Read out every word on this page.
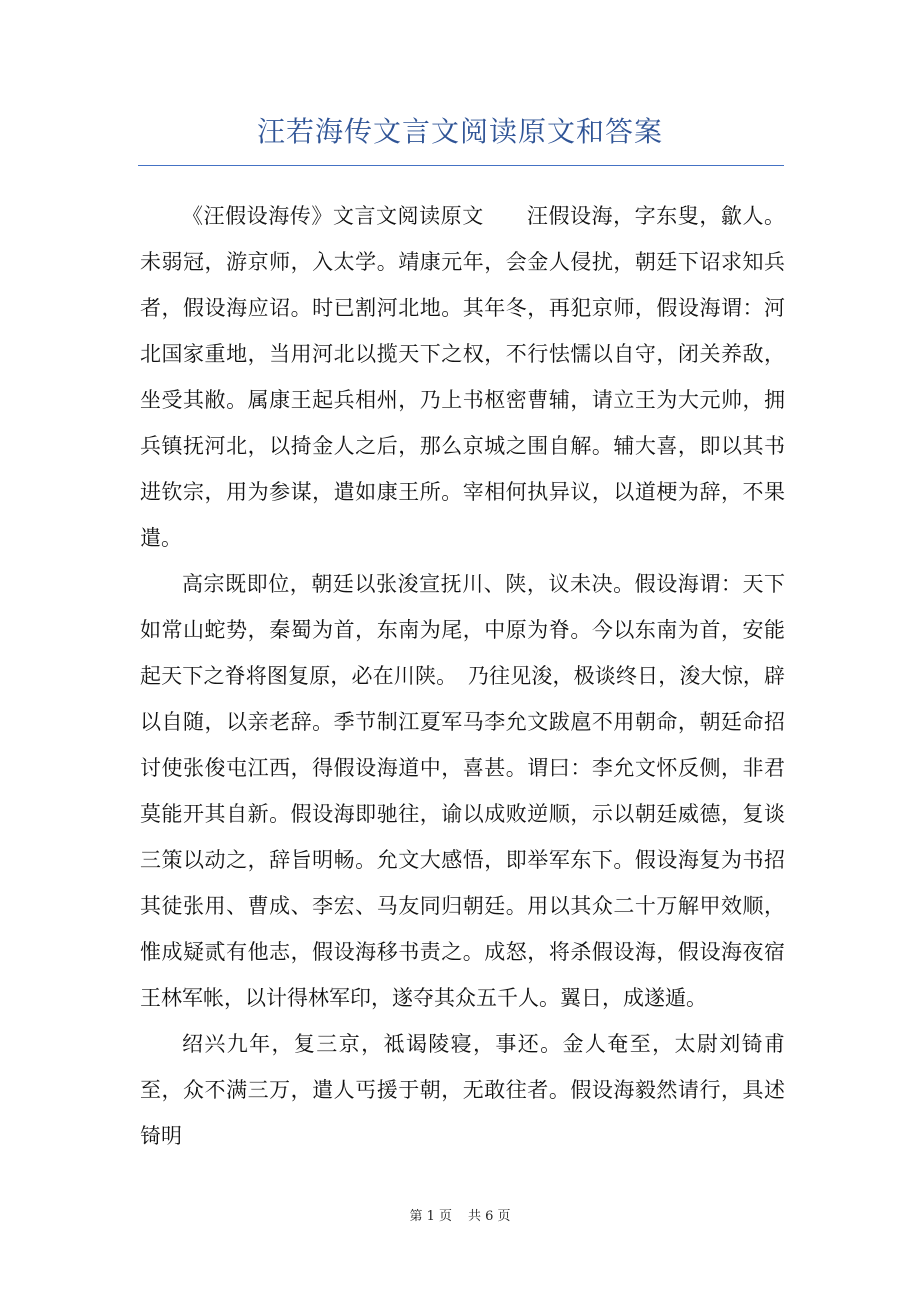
汪若海传文言文阅读原文和答案

《汪假设海传》文言文阅读原文　　汪假设海，字东叟，歙人。未弱冠，游京师，入太学。靖康元年，会金人侵扰，朝廷下诏求知兵者，假设海应诏。时已割河北地。其年冬，再犯京师，假设海谓：河北国家重地，当用河北以揽天下之权，不行怯懦以自守，闭关养敌，坐受其敝。属康王起兵相州，乃上书枢密曹辅，请立王为大元帅，拥兵镇抚河北，以掎金人之后，那么京城之围自解。辅大喜，即以其书进钦宗，用为参谋，遣如康王所。宰相何执异议，以道梗为辞，不果遣。

高宗既即位，朝廷以张浚宣抚川、陕，议未决。假设海谓：天下如常山蛇势，秦蜀为首，东南为尾，中原为脊。今以东南为首，安能起天下之脊将图复原，必在川陕。　乃往见浚，极谈终日，浚大惊，辟以自随，以亲老辞。季节制江夏军马李允文跋扈不用朝命，朝廷命招讨使张俊屯江西，得假设海道中，喜甚。谓曰：李允文怀反侧，非君莫能开其自新。假设海即驰往，谕以成败逆顺，示以朝廷威德，复谈三策以动之，辞旨明畅。允文大感悟，即举军东下。假设海复为书招其徒张用、曹成、李宏、马友同归朝廷。用以其众二十万解甲效顺，惟成疑贰有他志，假设海移书责之。成怒，将杀假设海，假设海夜宿王林军帐，以计得林军印，遂夺其众五千人。翼日，成遂遁。

绍兴九年，复三京，祗谒陵寝，事还。金人奄至，太尉刘锜甫至，众不满三万，遣人丐援于朝，无敢往者。假设海毅然请行，具述锜明

第 1 页 共 6 页
